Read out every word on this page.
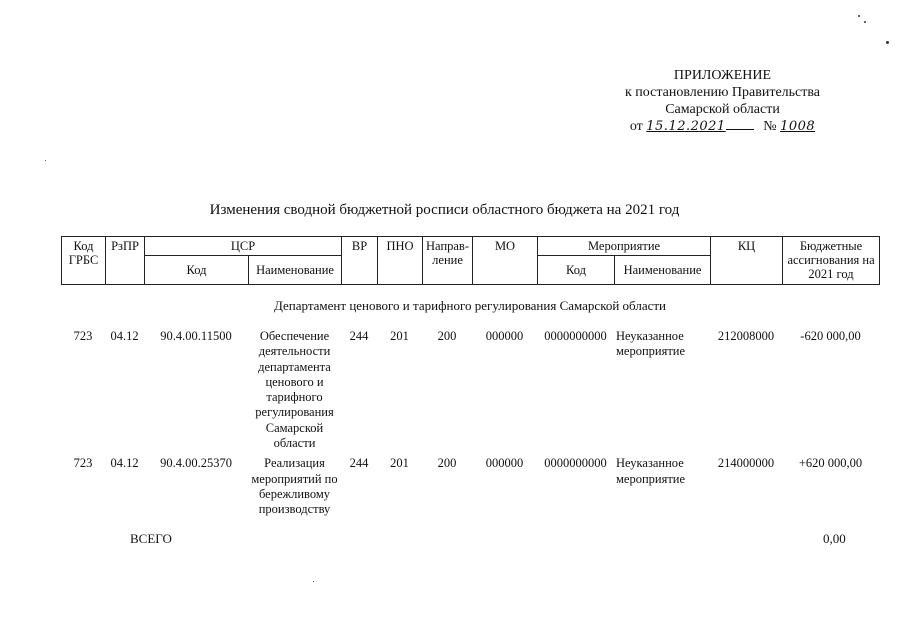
ПРИЛОЖЕНИЕ
к постановлению Правительства
Самарской области
от 15.12.2021	№ 1008
Изменения сводной бюджетной росписи областного бюджета на 2021 год
Код ГРБС	РзПР	ЦСР		ВР	ПНО	Направ-ление	МО	Мероприятие		КЦ	Бюджетные ассигнования на 2021 год
		Код	Наименование					Код	Наименование		
Департамент ценового и тарифного регулирования Самарской области
723	04.12	90.4.00.11500	Обеспечение деятельности департамента ценового и тарифного регулирования Самарской области	244	201	200	000000	0000000000	Неуказанное мероприятие	212008000	-620 000,00
723	04.12	90.4.00.25370	Реализация мероприятий по бережливому производству	244	201	200	000000	0000000000	Неуказанное мероприятие	214000000	+620 000,00
ВСЕГО	0,00
